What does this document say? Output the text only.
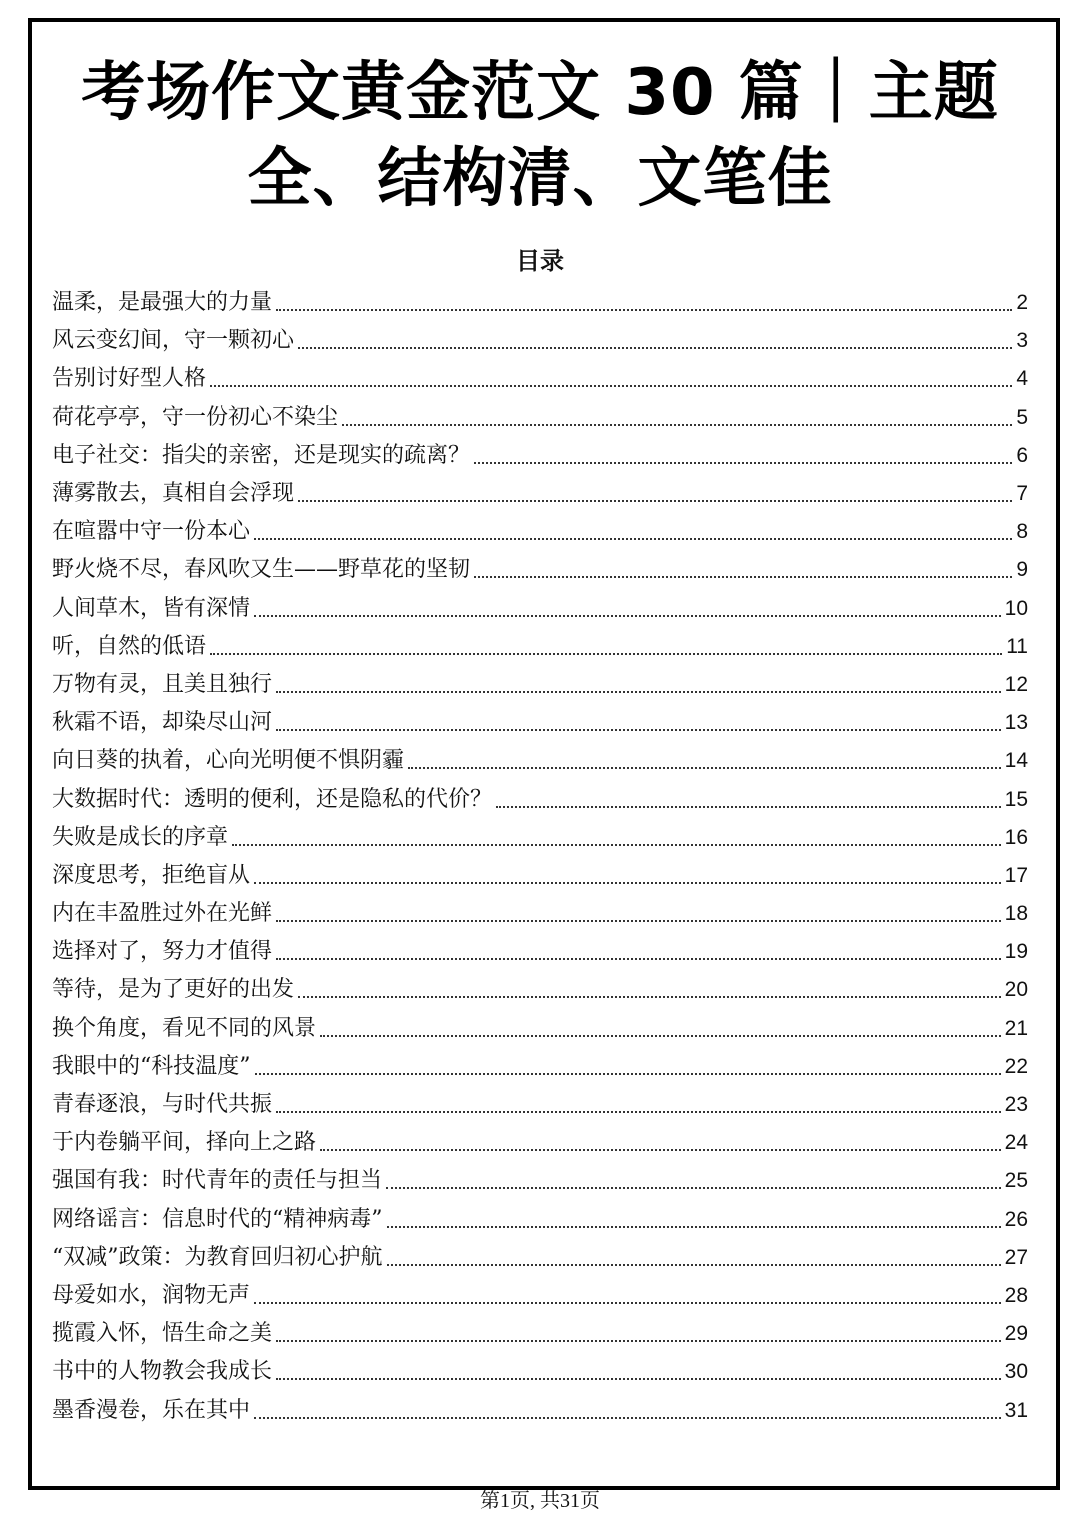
考场作文黄金范文 30 篇｜主题
全、结构清、文笔佳
目录
温柔，是最强大的力量	2
风云变幻间，守一颗初心	3
告别讨好型人格	4
荷花亭亭，守一份初心不染尘	5
电子社交：指尖的亲密，还是现实的疏离？	6
薄雾散去，真相自会浮现	7
在喧嚣中守一份本心	8
野火烧不尽，春风吹又生——野草花的坚韧	9
人间草木，皆有深情	10
听，自然的低语	11
万物有灵，且美且独行	12
秋霜不语，却染尽山河	13
向日葵的执着，心向光明便不惧阴霾	14
大数据时代：透明的便利，还是隐私的代价？	15
失败是成长的序章	16
深度思考，拒绝盲从	17
内在丰盈胜过外在光鲜	18
选择对了，努力才值得	19
等待，是为了更好的出发	20
换个角度，看见不同的风景	21
我眼中的“科技温度”	22
青春逐浪，与时代共振	23
于内卷躺平间，择向上之路	24
强国有我：时代青年的责任与担当	25
网络谣言：信息时代的“精神病毒”	26
“双减”政策：为教育回归初心护航	27
母爱如水，润物无声	28
揽霞入怀，悟生命之美	29
书中的人物教会我成长	30
墨香漫卷，乐在其中	31
第1页, 共31页
